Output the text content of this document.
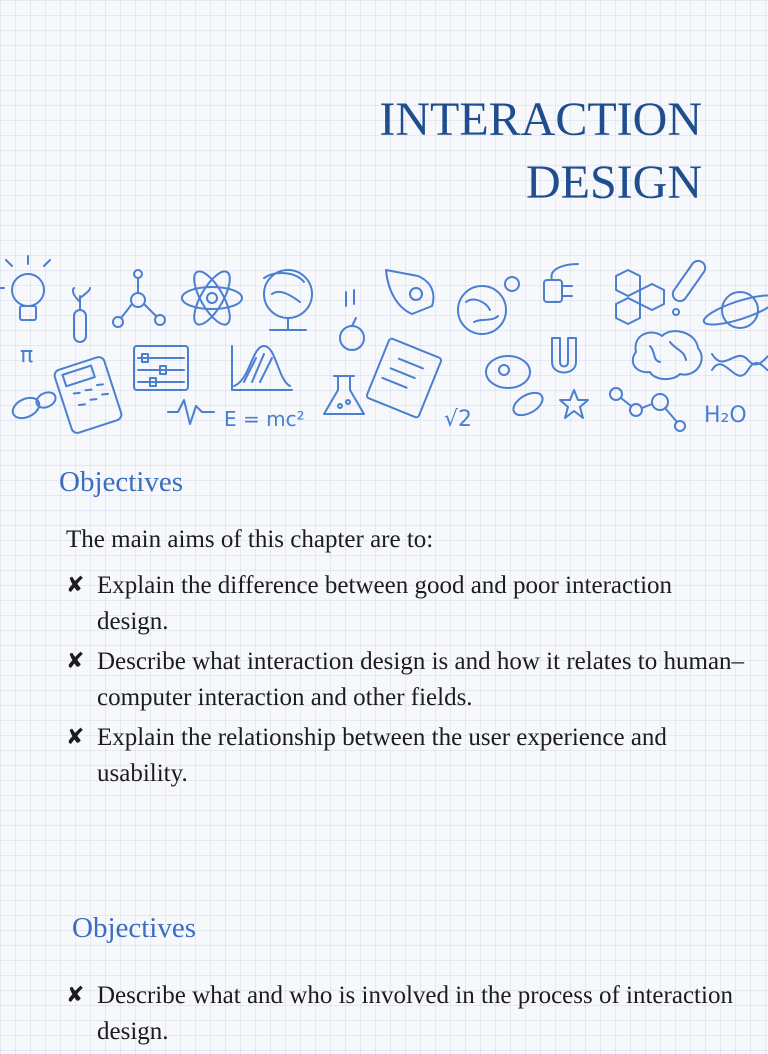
INTERACTION
DESIGN
π
E = mc²	√2	H₂O
Objectives

The main aims of this chapter are to:

✘ Explain the difference between good and poor interaction design.
✘ Describe what interaction design is and how it relates to human–computer interaction and other fields.
✘ Explain the relationship between the user experience and usability.
Objectives
✘ Describe what and who is involved in the process of interaction design.
